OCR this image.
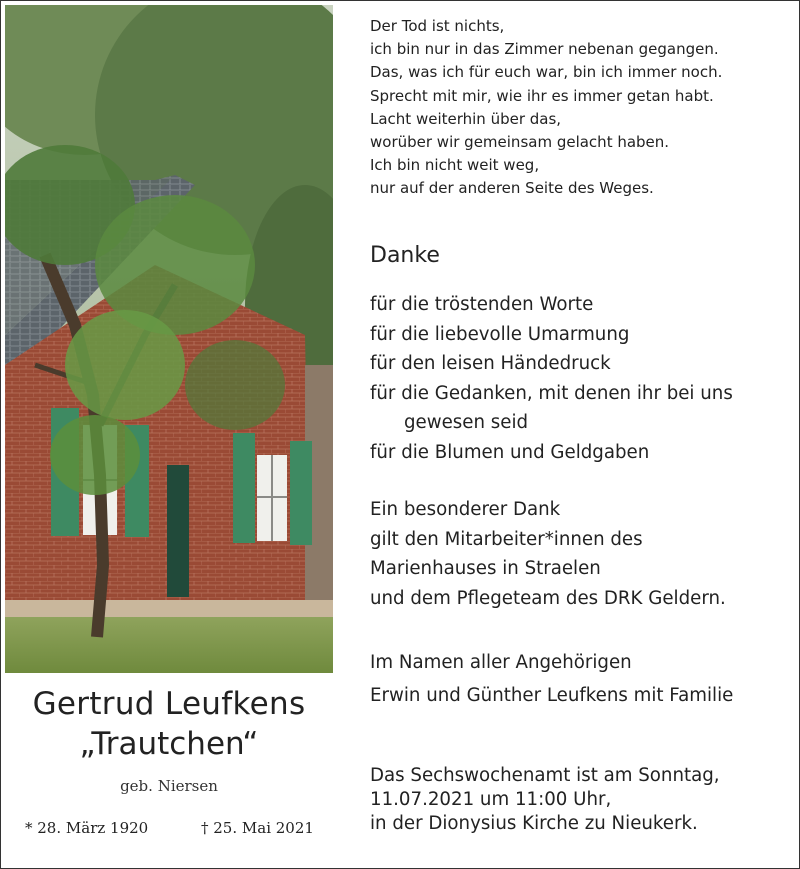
Gertrud Leufkens
„Trautchen“
geb. Niersen
* 28. März 1920	† 25. Mai 2021
Der Tod ist nichts,
ich bin nur in das Zimmer nebenan gegangen.
Das, was ich für euch war, bin ich immer noch.
Sprecht mit mir, wie ihr es immer getan habt.
Lacht weiterhin über das,
worüber wir gemeinsam gelacht haben.
Ich bin nicht weit weg,
nur auf der anderen Seite des Weges.
Danke
für die tröstenden Worte
für die liebevolle Umarmung
für den leisen Händedruck
für die Gedanken, mit denen ihr bei uns
gewesen seid
für die Blumen und Geldgaben
Ein besonderer Dank
gilt den Mitarbeiter*innen des
Marienhauses in Straelen
und dem Pflegeteam des DRK Geldern.
Im Namen aller Angehörigen
Erwin und Günther Leufkens mit Familie
Das Sechswochenamt ist am Sonntag,
11.07.2021 um 11:00 Uhr,
in der Dionysius Kirche zu Nieukerk.
